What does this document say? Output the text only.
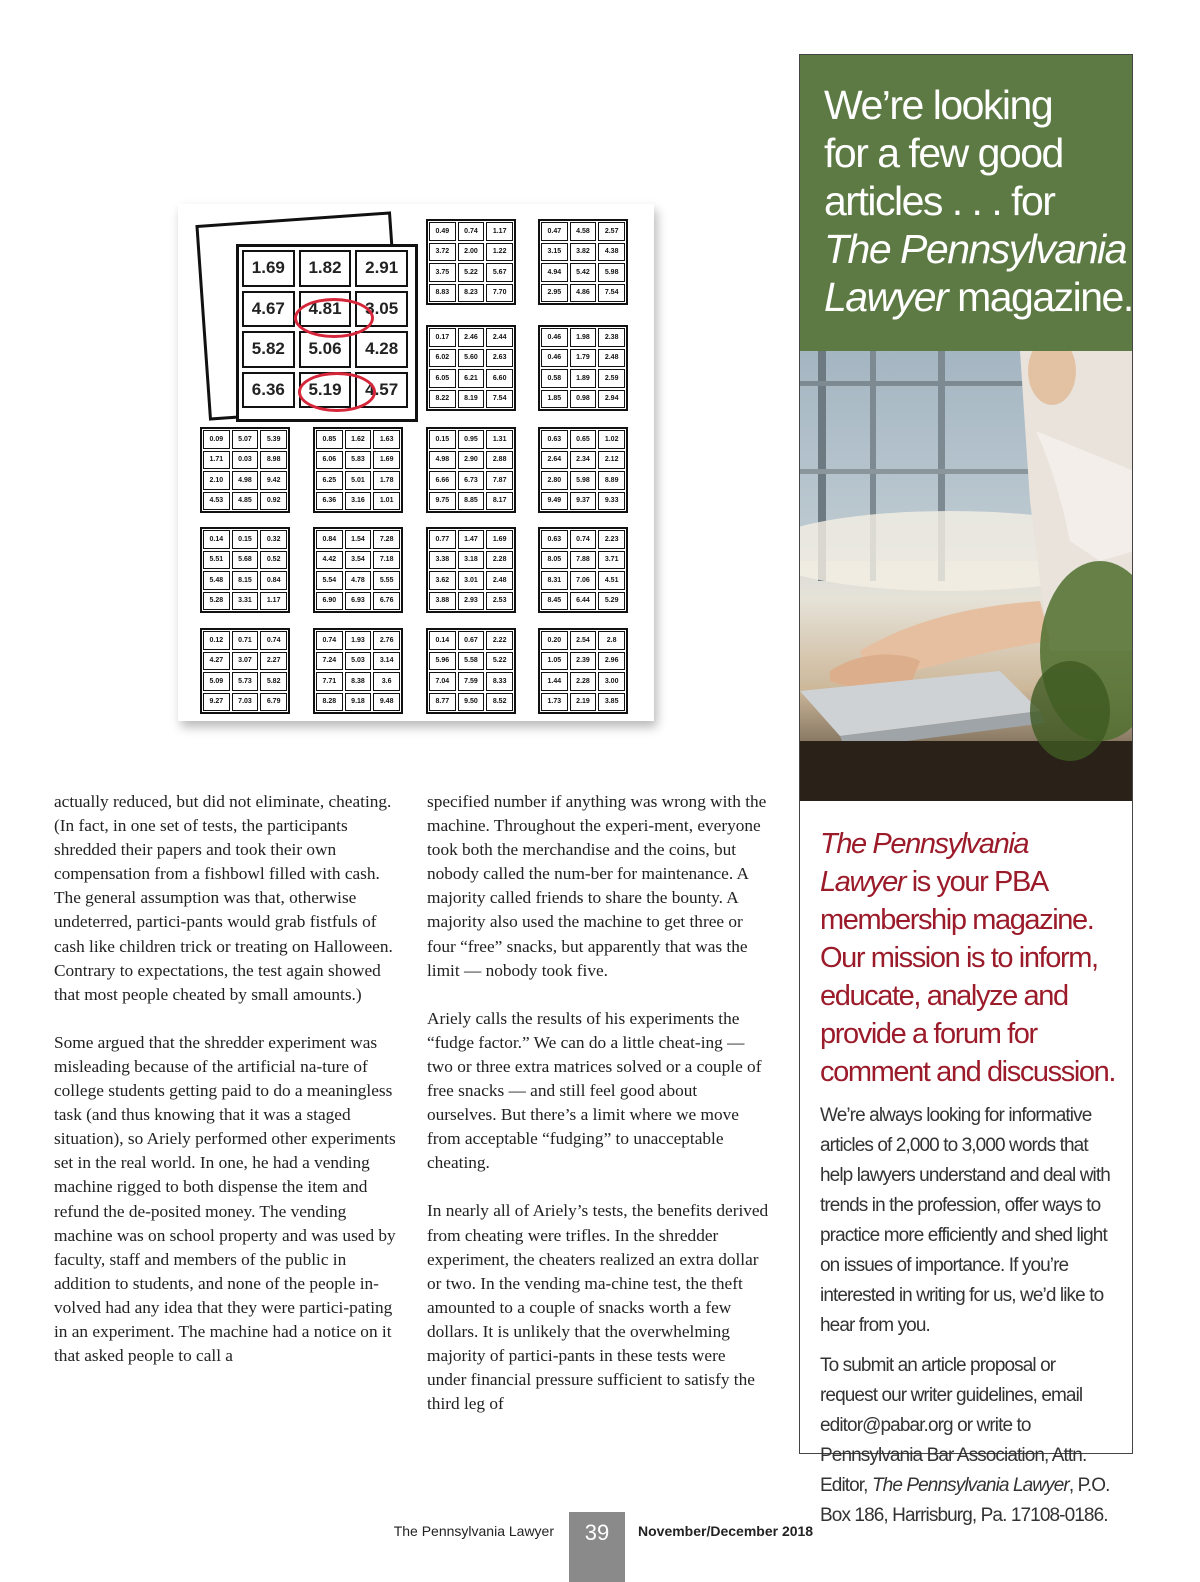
0.49	0.74	1.17
3.72	2.00	1.22
3.75	5.22	5.67
8.83	8.23	7.70
0.47	4.58	2.57
3.15	3.82	4.38
4.94	5.42	5.98
2.95	4.86	7.54
0.17	2.46	2.44
6.02	5.60	2.63
6.05	6.21	6.60
8.22	8.19	7.54
0.46	1.98	2.38
0.46	1.79	2.48
0.58	1.89	2.59
1.85	0.98	2.94
0.09	5.07	5.39
1.71	0.03	8.98
2.10	4.98	9.42
4.53	4.85	0.92
0.85	1.62	1.63
6.06	5.83	1.69
6.25	5.01	1.78
6.36	3.16	1.01
0.15	0.95	1.31
4.98	2.90	2.88
6.66	6.73	7.87
9.75	8.85	8.17
0.63	0.65	1.02
2.64	2.34	2.12
2.80	5.98	8.89
9.49	9.37	9.33
0.14	0.15	0.32
5.51	5.68	0.52
5.48	8.15	0.84
5.28	3.31	1.17
0.84	1.54	7.28
4.42	3.54	7.18
5.54	4.78	5.55
6.90	6.93	6.76
0.77	1.47	1.69
3.38	3.18	2.28
3.62	3.01	2.48
3.88	2.93	2.53
0.63	0.74	2.23
8.05	7.88	3.71
8.31	7.06	4.51
8.45	6.44	5.29
0.12	0.71	0.74
4.27	3.07	2.27
5.09	5.73	5.82
9.27	7.03	6.79
0.74	1.93	2.76
7.24	5.03	3.14
7.71	8.38	3.6
8.28	9.18	9.48
0.14	0.67	2.22
5.96	5.58	5.22
7.04	7.59	8.33
8.77	9.50	8.52
0.20	2.54	2.8
1.05	2.39	2.96
1.44	2.28	3.00
1.73	2.19	3.85
1.69	1.82	2.91
4.67	4.81	3.05
5.82	5.06	4.28
6.36	5.19	4.57

actually reduced, but did not eliminate, cheating. (In fact, in one set of tests, the participants shredded their papers and took their own compensation from a fishbowl filled with cash. The general assumption was that, otherwise undeterred, partici-pants would grab fistfuls of cash like children trick or treating on Halloween. Contrary to expectations, the test again showed that most people cheated by small amounts.)

Some argued that the shredder experiment was misleading because of the artificial na-ture of college students getting paid to do a meaningless task (and thus knowing that it was a staged situation), so Ariely performed other experiments set in the real world. In one, he had a vending machine rigged to both dispense the item and refund the de-posited money. The vending machine was on school property and was used by faculty, staff and members of the public in addition to students, and none of the people in-volved had any idea that they were partici-pating in an experiment. The machine had a notice on it that asked people to call a

specified number if anything was wrong with the machine. Throughout the experi-ment, everyone took both the merchandise and the coins, but nobody called the num-ber for maintenance. A majority called friends to share the bounty. A majority also used the machine to get three or four “free” snacks, but apparently that was the limit — nobody took five.

Ariely calls the results of his experiments the “fudge factor.” We can do a little cheat-ing — two or three extra matrices solved or a couple of free snacks — and still feel good about ourselves. But there’s a limit where we move from acceptable “fudging” to unacceptable cheating.

In nearly all of Ariely’s tests, the benefits derived from cheating were trifles. In the shredder experiment, the cheaters realized an extra dollar or two. In the vending ma-chine test, the theft amounted to a couple of snacks worth a few dollars. It is unlikely that the overwhelming majority of partici-pants in these tests were under financial pressure sufficient to satisfy the third leg of

We’re looking
for a few good
articles . . . for
The Pennsylvania
Lawyer magazine.

The Pennsylvania Lawyer is your PBA membership magazine. Our mission is to inform, educate, analyze and provide a forum for comment and discussion.

We’re always looking for informative articles of 2,000 to 3,000 words that help lawyers understand and deal with trends in the profession, offer ways to practice more efficiently and shed light on issues of importance. If you’re interested in writing for us, we’d like to hear from you.

To submit an article proposal or request our writer guidelines, email editor@pabar.org or write to Pennsylvania Bar Association, Attn. Editor, The Pennsylvania Lawyer, P.O. Box 186, Harrisburg, Pa. 17108-0186.

The Pennsylvania Lawyer	39	November/December 2018
